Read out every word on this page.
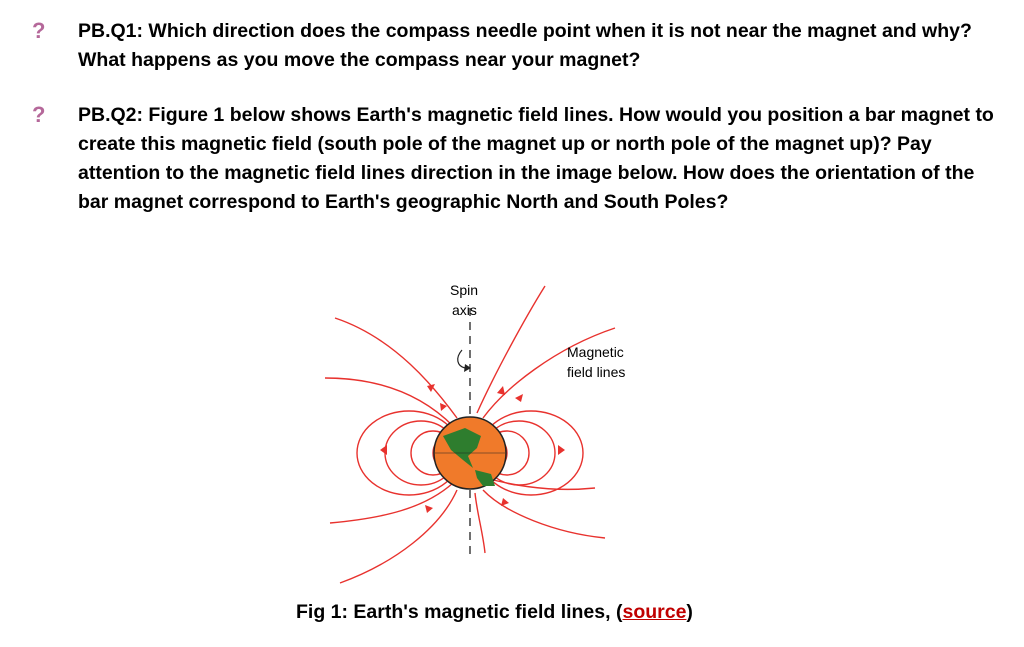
?	PB.Q1: Which direction does the compass needle point when it is not near the magnet and why? What happens as you move the compass near your magnet?
?	PB.Q2: Figure 1 below shows Earth's magnetic field lines. How would you position a bar magnet to create this magnetic field (south pole of the magnet up or north pole of the magnet up)? Pay attention to the magnetic field lines direction in the image below. How does the orientation of the bar magnet correspond to Earth's geographic North and South Poles?
Spin
axis
Magnetic
field lines
Fig 1: Earth's magnetic field lines, (source)
